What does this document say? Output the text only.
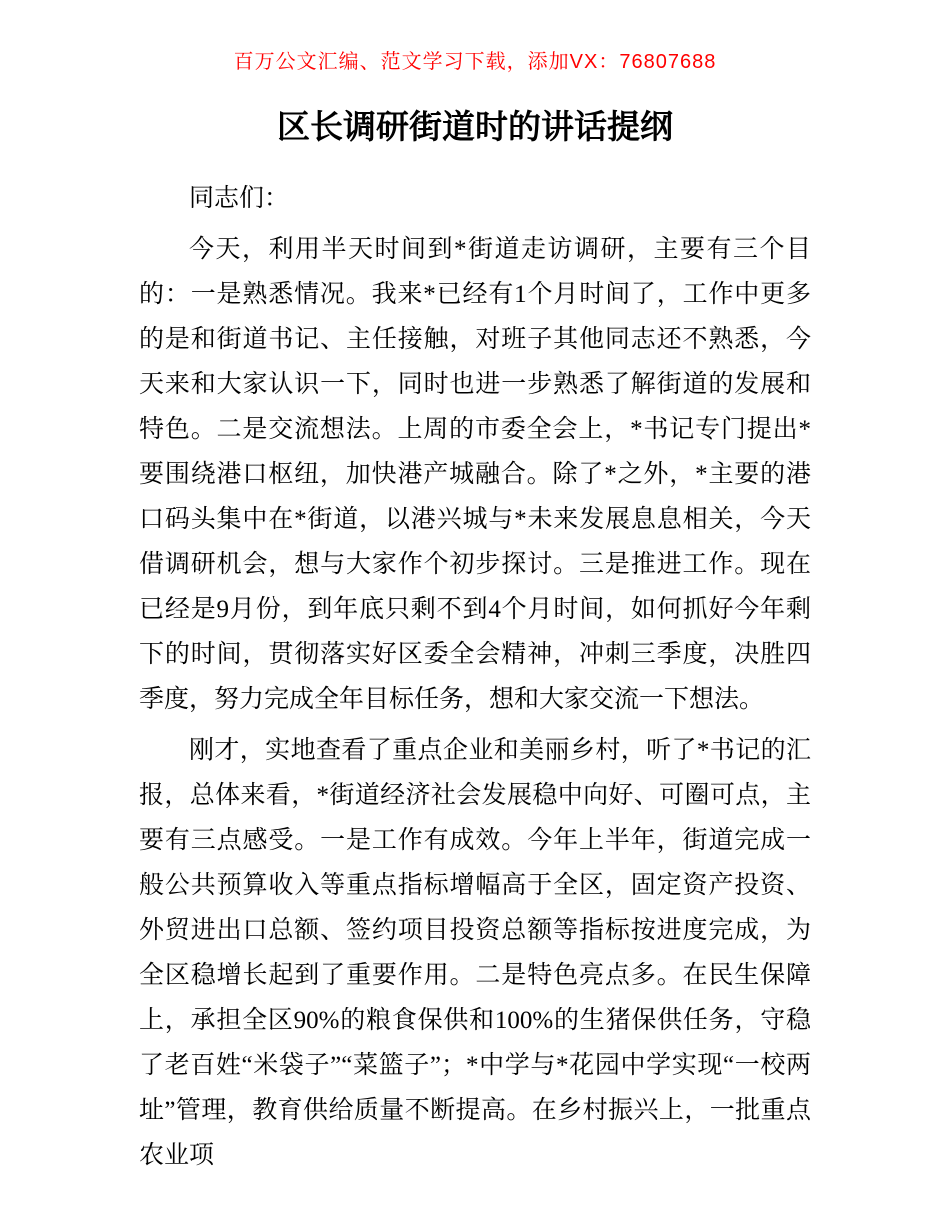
百万公文汇编、范文学习下载，添加VX：76807688
区长调研街道时的讲话提纲

同志们：

今天，利用半天时间到*街道走访调研，主要有三个目的：一是熟悉情况。我来*已经有1个月时间了，工作中更多的是和街道书记、主任接触，对班子其他同志还不熟悉，今天来和大家认识一下，同时也进一步熟悉了解街道的发展和特色。二是交流想法。上周的市委全会上，*书记专门提出*要围绕港口枢纽，加快港产城融合。除了*之外，*主要的港口码头集中在*街道，以港兴城与*未来发展息息相关，今天借调研机会，想与大家作个初步探讨。三是推进工作。现在已经是9月份，到年底只剩不到4个月时间，如何抓好今年剩下的时间，贯彻落实好区委全会精神，冲刺三季度，决胜四季度，努力完成全年目标任务，想和大家交流一下想法。

刚才，实地查看了重点企业和美丽乡村，听了*书记的汇报，总体来看，*街道经济社会发展稳中向好、可圈可点，主要有三点感受。一是工作有成效。今年上半年，街道完成一般公共预算收入等重点指标增幅高于全区，固定资产投资、外贸进出口总额、签约项目投资总额等指标按进度完成，为全区稳增长起到了重要作用。二是特色亮点多。在民生保障上，承担全区90%的粮食保供和100%的生猪保供任务，守稳了老百姓“米袋子”“菜篮子”；*中学与*花园中学实现“一校两址”管理，教育供给质量不断提高。在乡村振兴上，一批重点农业项
